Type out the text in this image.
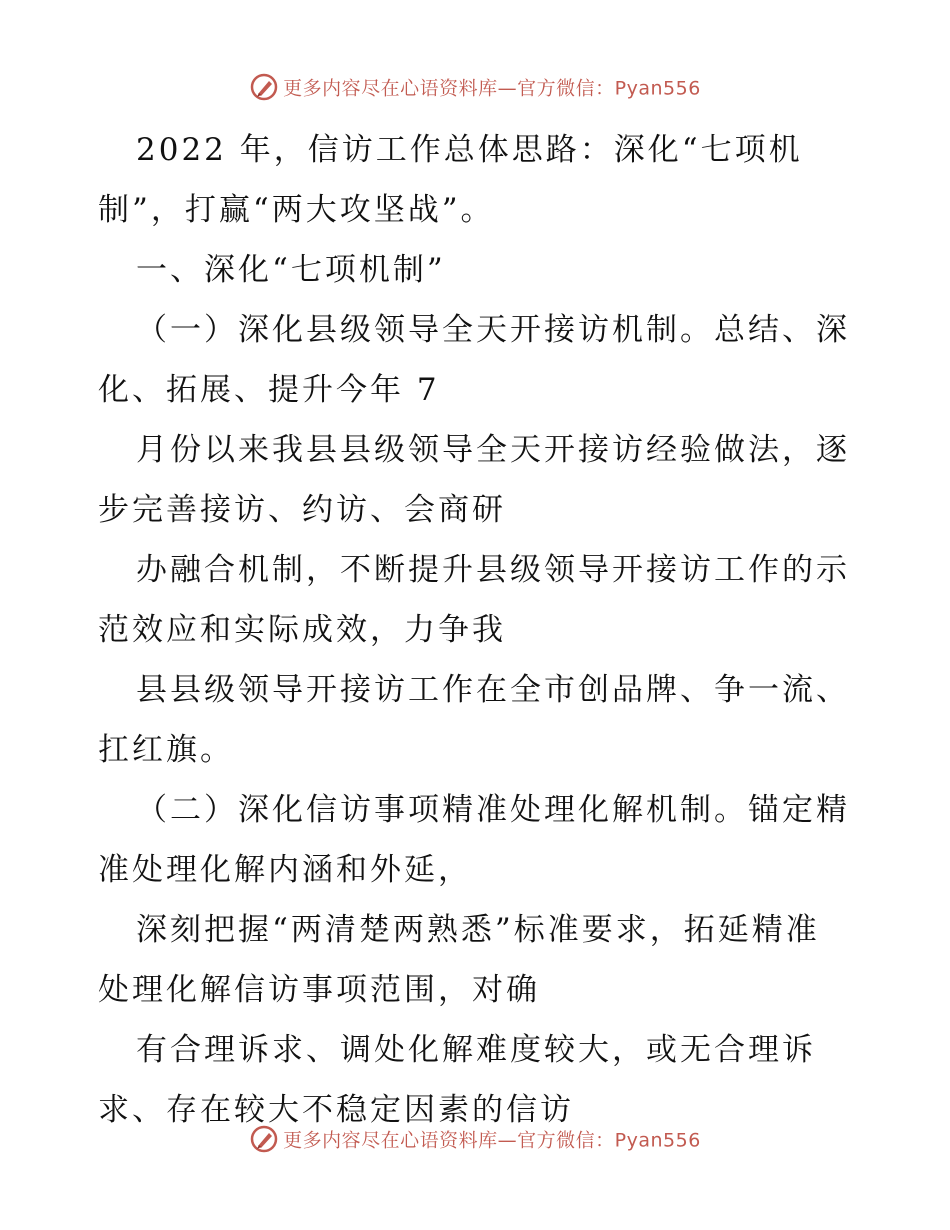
更多内容尽在心语资料库—官方微信：Pyan556
2022 年，信访工作总体思路：深化“七项机
制”，打赢“两大攻坚战”。
一、深化“七项机制”
（一）深化县级领导全天开接访机制。总结、深
化、拓展、提升今年 7
月份以来我县县级领导全天开接访经验做法，逐
步完善接访、约访、会商研
办融合机制，不断提升县级领导开接访工作的示
范效应和实际成效，力争我
县县级领导开接访工作在全市创品牌、争一流、
扛红旗。
（二）深化信访事项精准处理化解机制。锚定精
准处理化解内涵和外延，
深刻把握“两清楚两熟悉”标准要求，拓延精准
处理化解信访事项范围，对确
有合理诉求、调处化解难度较大，或无合理诉
求、存在较大不稳定因素的信访
更多内容尽在心语资料库—官方微信：Pyan556
